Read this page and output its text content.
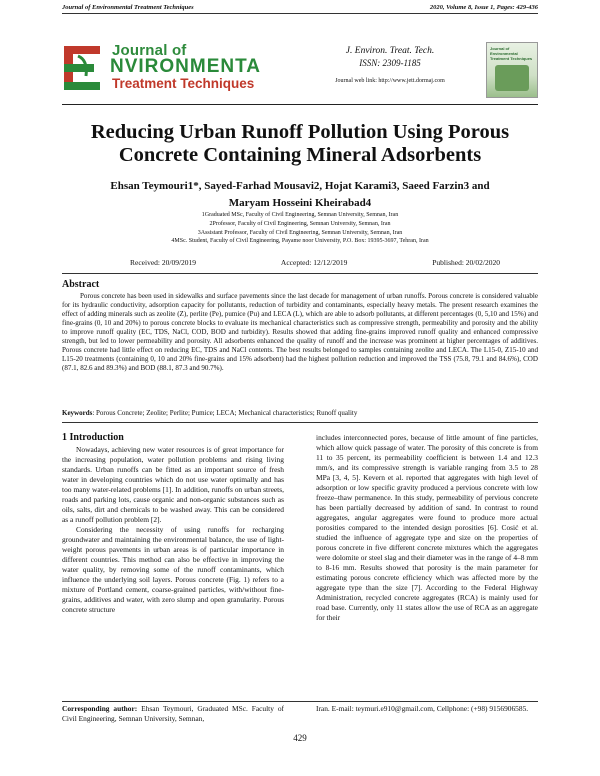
Journal of Environmental Treatment Techniques	2020, Volume 8, Issue 1, Pages: 429-436
Journal of
NVIRONMENTA
Treatment Techniques
J. Environ. Treat. Tech.
ISSN: 2309-1185
Journal web link: http://www.jett.dormaj.com
Journal of Environmental Treatment Techniques
Reducing Urban Runoff Pollution Using Porous Concrete Containing Mineral Adsorbents
Ehsan Teymouri1*, Sayed-Farhad Mousavi2, Hojat Karami3, Saeed Farzin3 and Maryam Hosseini Kheirabad4
1Graduated MSc, Faculty of Civil Engineering, Semnan University, Semnan, Iran
2Professor, Faculty of Civil Engineering, Semnan University, Semnan, Iran
3Assistant Professor, Faculty of Civil Engineering, Semnan University, Semnan, Iran
4MSc. Student, Faculty of Civil Engineering, Payame noor University, P.O. Box: 19395-3697, Tehran, Iran
Received: 20/09/2019	Accepted: 12/12/2019	Published: 20/02/2020
Abstract
Porous concrete has been used in sidewalks and surface pavements since the last decade for management of urban runoffs. Porous concrete is considered valuable for its hydraulic conductivity, adsorption capacity for pollutants, reduction of turbidity and contaminants, especially heavy metals. The present research examines the effect of adding minerals such as zeolite (Z), perlite (Pe), pumice (Pu) and LECA (L), which are able to adsorb pollutants, at different percentages (0, 5,10 and 15%) and fine-grains (0, 10 and 20%) to porous concrete blocks to evaluate its mechanical characteristics such as compressive strength, permeability and porosity and the ability to improve runoff quality (EC, TDS, NaCl, COD, BOD and turbidity). Results showed that adding fine-grains improved runoff quality and enhanced compressive strength, but led to lower permeability and porosity. All adsorbents enhanced the quality of runoff and the increase was prominent at higher percentages of additives. Porous concrete had little effect on reducing EC, TDS and NaCl contents. The best results belonged to samples containing zeolite and LECA. The L15-0, Z15-10 and L15-20 treatments (containing 0, 10 and 20% fine-grains and 15% adsorbent) had the highest pollution reduction and improved the TSS (75.8, 79.1 and 84.6%), COD (87.1, 82.6 and 89.3%) and BOD (88.1, 87.3 and 90.7%).
Keywords: Porous Concrete; Zeolite; Perlite; Pumice; LECA; Mechanical characteristics; Runoff quality
1 Introduction

Nowadays, achieving new water resources is of great importance for the increasing population, water pollution problems and rising living standards. Urban runoffs can be fitted as an important source of fresh water in developing countries which do not use water optimally and has too many water-related problems [1]. In addition, runoffs on urban streets, roads and parking lots, cause organic and non-organic substances such as oils, salts, dirt and chemicals to be washed away. This can be considered as a runoff pollution problem [2].

Considering the necessity of using runoffs for recharging groundwater and maintaining the environmental balance, the use of light-weight porous pavements in urban areas is of particular importance in different countries. This method can also be effective in improving the water quality, by removing some of the runoff contaminants, which influence the underlying soil layers. Porous concrete (Fig. 1) refers to a mixture of Portland cement, coarse-grained particles, with/without fine-grains, additives and water, with zero slump and open granularity. Porous concrete structure

includes interconnected pores, because of little amount of fine particles, which allow quick passage of water. The porosity of this concrete is from 11 to 35 percent, its permeability coefficient is between 1.4 and 12.3 mm/s, and its compressive strength is variable ranging from 3.5 to 28 MPa [3, 4, 5]. Kevern et al. reported that aggregates with high level of adsorption or low specific gravity produced a pervious concrete with low freeze–thaw permanence. In this study, permeability of pervious concrete has been partially decreased by addition of sand. In contrast to round aggregates, angular aggregates were found to produce more actual porosities compared to the intended design porosities [6]. Cosić et al. studied the influence of aggregate type and size on the properties of porous concrete in five different concrete mixtures which the aggregates were dolomite or steel slag and their diameter was in the range of 4–8 mm to 8-16 mm. Results showed that porosity is the main parameter for estimating porous concrete efficiency which was affected more by the aggregate type than the size [7]. According to the Federal Highway Administration, recycled concrete aggregates (RCA) is mainly used for road base. Currently, only 11 states allow the use of RCA as an aggregate for their

Corresponding author: Ehsan Teymouri, Graduated MSc. Faculty of Civil Engineering, Semnan University, Semnan,
Iran. E-mail: teymuri.e910@gmail.com, Cellphone: (+98) 9156906585.
429
